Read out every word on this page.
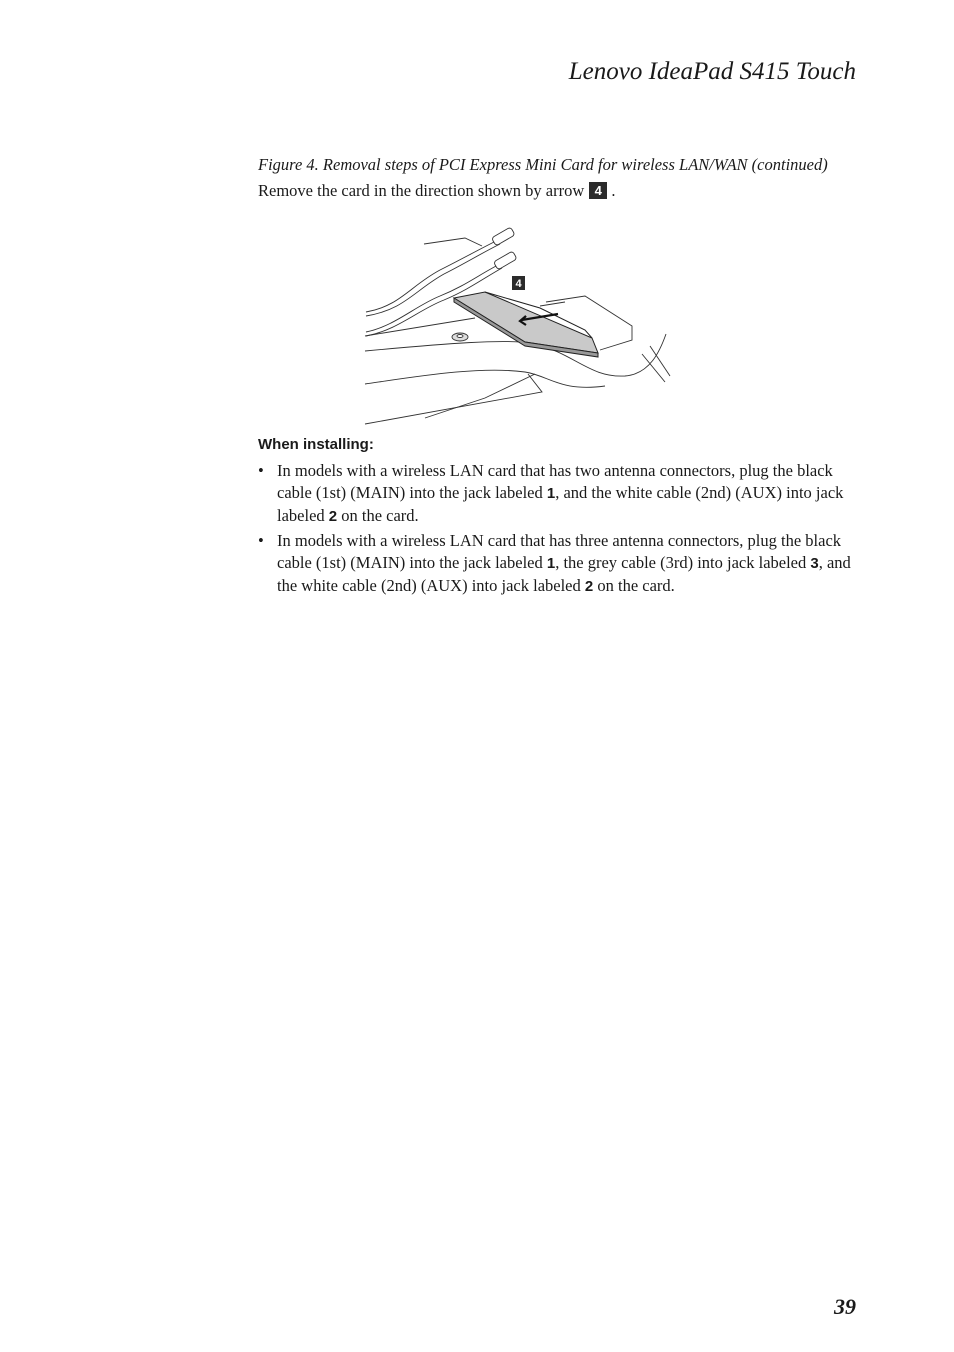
Lenovo IdeaPad S415 Touch
Figure 4. Removal steps of PCI Express Mini Card for wireless LAN/WAN (continued)
Remove the card in the direction shown by arrow 4 .
4
When installing:
• In models with a wireless LAN card that has two antenna connectors, plug the black cable (1st) (MAIN) into the jack labeled 1, and the white cable (2nd) (AUX) into jack labeled 2 on the card.
• In models with a wireless LAN card that has three antenna connectors, plug the black cable (1st) (MAIN) into the jack labeled 1, the grey cable (3rd) into jack labeled 3, and the white cable (2nd) (AUX) into jack labeled 2 on the card.
39
